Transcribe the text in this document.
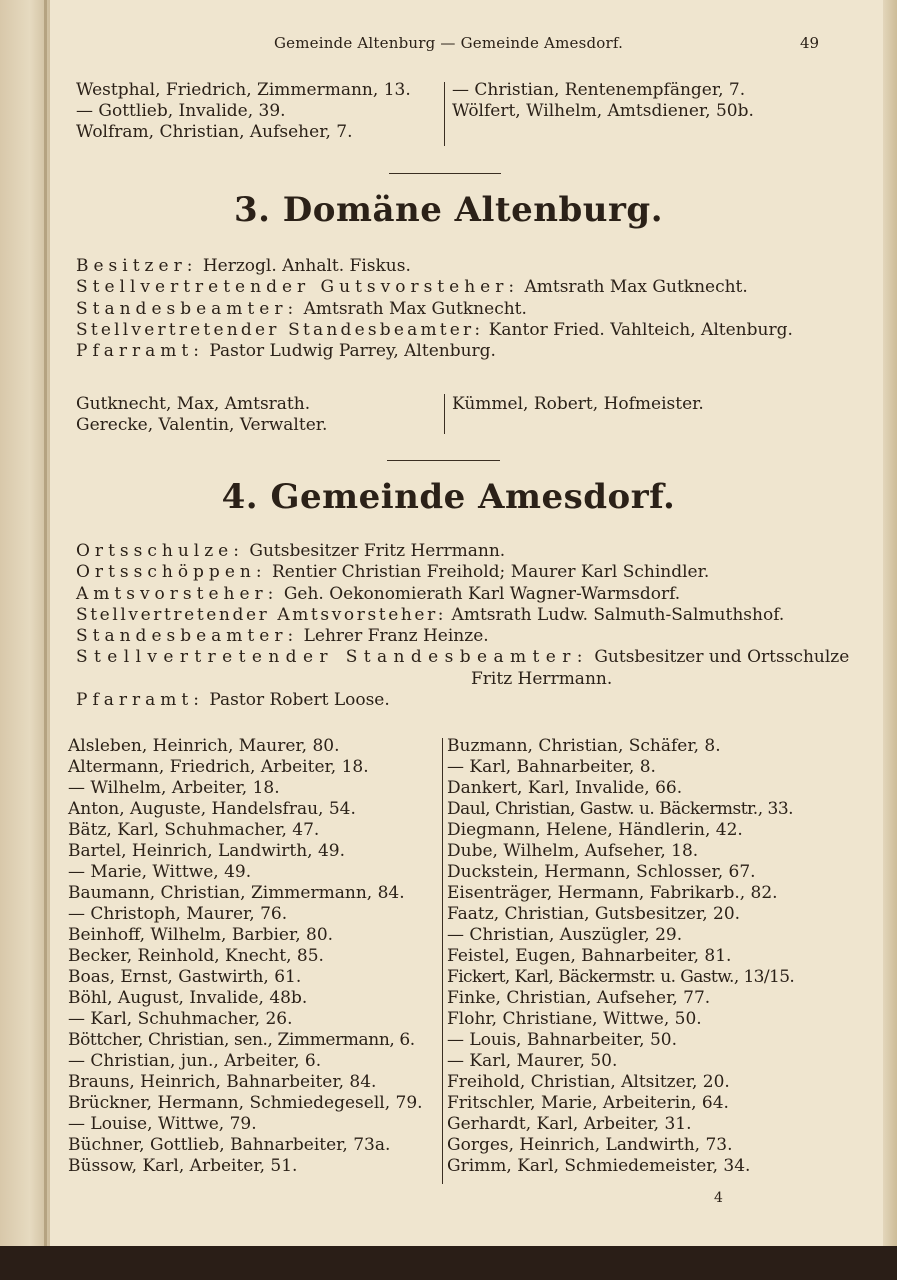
Gemeinde Altenburg — Gemeinde Amesdorf.	49
Westphal, Friedrich, Zimmermann, 13.
— Gottlieb, Invalide, 39.
Wolfram, Christian, Aufseher, 7.
— Christian, Rentenempfänger, 7.
Wölfert, Wilhelm, Amtsdiener, 50b.
3. Domäne Altenburg.
Besitzer: Herzogl. Anhalt. Fiskus.
Stellvertretender Gutsvorsteher: Amtsrath Max Gutknecht.
Standesbeamter: Amtsrath Max Gutknecht.
Stellvertretender Standesbeamter: Kantor Fried. Vahlteich, Altenburg.
Pfarramt: Pastor Ludwig Parrey, Altenburg.
Gutknecht, Max, Amtsrath.
Gerecke, Valentin, Verwalter.
Kümmel, Robert, Hofmeister.
4. Gemeinde Amesdorf.
Ortsschulze: Gutsbesitzer Fritz Herrmann.
Ortsschöppen: Rentier Christian Freihold; Maurer Karl Schindler.
Amtsvorsteher: Geh. Oekonomierath Karl Wagner-Warmsdorf.
Stellvertretender Amtsvorsteher: Amtsrath Ludw. Salmuth-Salmuthshof.
Standesbeamter: Lehrer Franz Heinze.
Stellvertretender Standesbeamter: Gutsbesitzer und Ortsschulze
Fritz Herrmann.
Pfarramt: Pastor Robert Loose.
Alsleben, Heinrich, Maurer, 80.
Altermann, Friedrich, Arbeiter, 18.
— Wilhelm, Arbeiter, 18.
Anton, Auguste, Handelsfrau, 54.
Bätz, Karl, Schuhmacher, 47.
Bartel, Heinrich, Landwirth, 49.
— Marie, Wittwe, 49.
Baumann, Christian, Zimmermann, 84.
— Christoph, Maurer, 76.
Beinhoff, Wilhelm, Barbier, 80.
Becker, Reinhold, Knecht, 85.
Boas, Ernst, Gastwirth, 61.
Böhl, August, Invalide, 48b.
— Karl, Schuhmacher, 26.
Böttcher, Christian, sen., Zimmermann, 6.
— Christian, jun., Arbeiter, 6.
Brauns, Heinrich, Bahnarbeiter, 84.
Brückner, Hermann, Schmiedegesell, 79.
— Louise, Wittwe, 79.
Büchner, Gottlieb, Bahnarbeiter, 73a.
Büssow, Karl, Arbeiter, 51.
Buzmann, Christian, Schäfer, 8.
— Karl, Bahnarbeiter, 8.
Dankert, Karl, Invalide, 66.
Daul, Christian, Gastw. u. Bäckermstr., 33.
Diegmann, Helene, Händlerin, 42.
Dube, Wilhelm, Aufseher, 18.
Duckstein, Hermann, Schlosser, 67.
Eisenträger, Hermann, Fabrikarb., 82.
Faatz, Christian, Gutsbesitzer, 20.
— Christian, Auszügler, 29.
Feistel, Eugen, Bahnarbeiter, 81.
Fickert, Karl, Bäckermstr. u. Gastw., 13/15.
Finke, Christian, Aufseher, 77.
Flohr, Christiane, Wittwe, 50.
— Louis, Bahnarbeiter, 50.
— Karl, Maurer, 50.
Freihold, Christian, Altsitzer, 20.
Fritschler, Marie, Arbeiterin, 64.
Gerhardt, Karl, Arbeiter, 31.
Gorges, Heinrich, Landwirth, 73.
Grimm, Karl, Schmiedemeister, 34.
4
